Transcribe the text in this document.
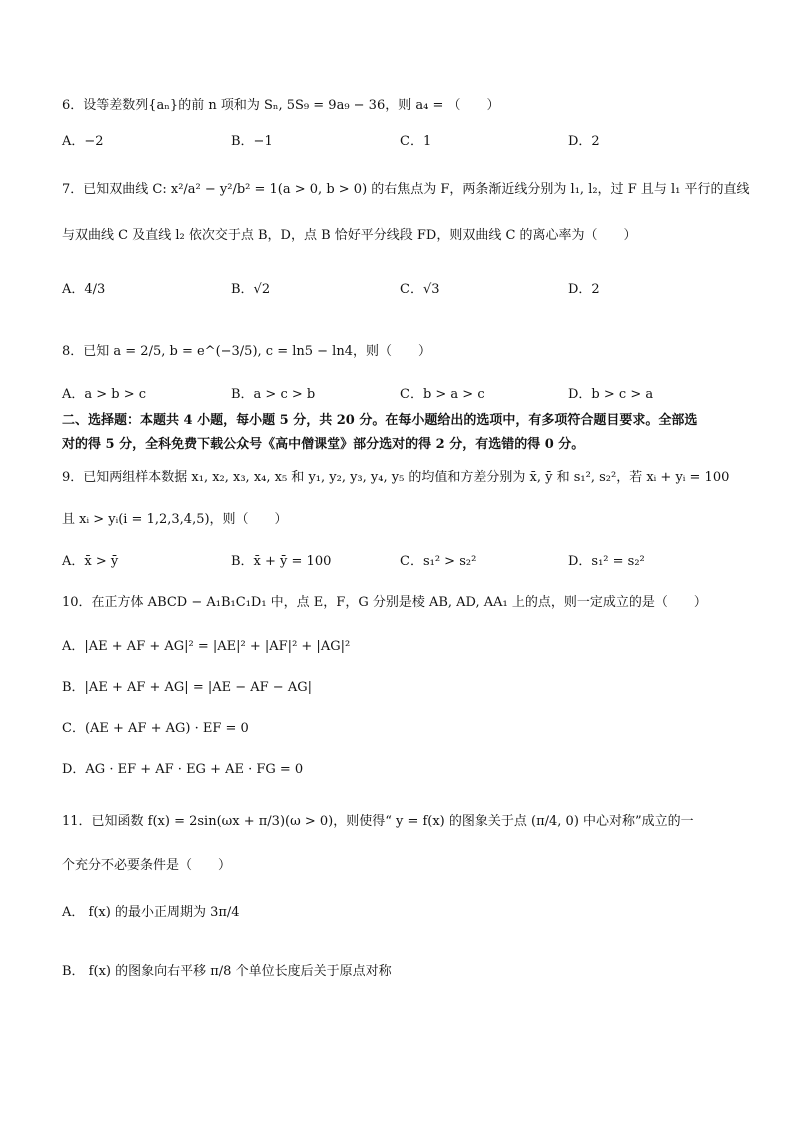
6．设等差数列{aₙ}的前 n 项和为 Sₙ, 5S₉ = 9a₉ − 36，则 a₄ = （　　）
A．−2	B．−1	C．1	D．2
7．已知双曲线 C: x²/a² − y²/b² = 1(a > 0, b > 0) 的右焦点为 F，两条渐近线分别为 l₁, l₂，过 F 且与 l₁ 平行的直线
与双曲线 C 及直线 l₂ 依次交于点 B，D，点 B 恰好平分线段 FD，则双曲线 C 的离心率为（　　）
A．4/3	B．√2	C．√3	D．2
8．已知 a = 2/5, b = e^(−3/5), c = ln5 − ln4，则（　　）
A．a > b > c	B．a > c > b	C．b > a > c	D．b > c > a
二、选择题：本题共 4 小题，每小题 5 分，共 20 分。在每小题给出的选项中，有多项符合题目要求。全部选
对的得 5 分，全科免费下载公众号《高中僧课堂》部分选对的得 2 分，有选错的得 0 分。
9．已知两组样本数据 x₁, x₂, x₃, x₄, x₅ 和 y₁, y₂, y₃, y₄, y₅ 的均值和方差分别为 x̄, ȳ 和 s₁², s₂²，若 xᵢ + yᵢ = 100
且 xᵢ > yᵢ(i = 1,2,3,4,5)，则（　　）
A．x̄ > ȳ	B．x̄ + ȳ = 100	C．s₁² > s₂²	D．s₁² = s₂²
10．在正方体 ABCD − A₁B₁C₁D₁ 中，点 E，F，G 分别是棱 AB, AD, AA₁ 上的点，则一定成立的是（　　）
A．|AE + AF + AG|² = |AE|² + |AF|² + |AG|²
B．|AE + AF + AG| = |AE − AF − AG|
C．(AE + AF + AG) · EF = 0
D．AG · EF + AF · EG + AE · FG = 0
11．已知函数 f(x) = 2sin(ωx + π/3)(ω > 0)，则使得“ y = f(x) 的图象关于点 (π/4, 0) 中心对称”成立的一
个充分不必要条件是（　　）
A． f(x) 的最小正周期为 3π/4
B． f(x) 的图象向右平移 π/8 个单位长度后关于原点对称
